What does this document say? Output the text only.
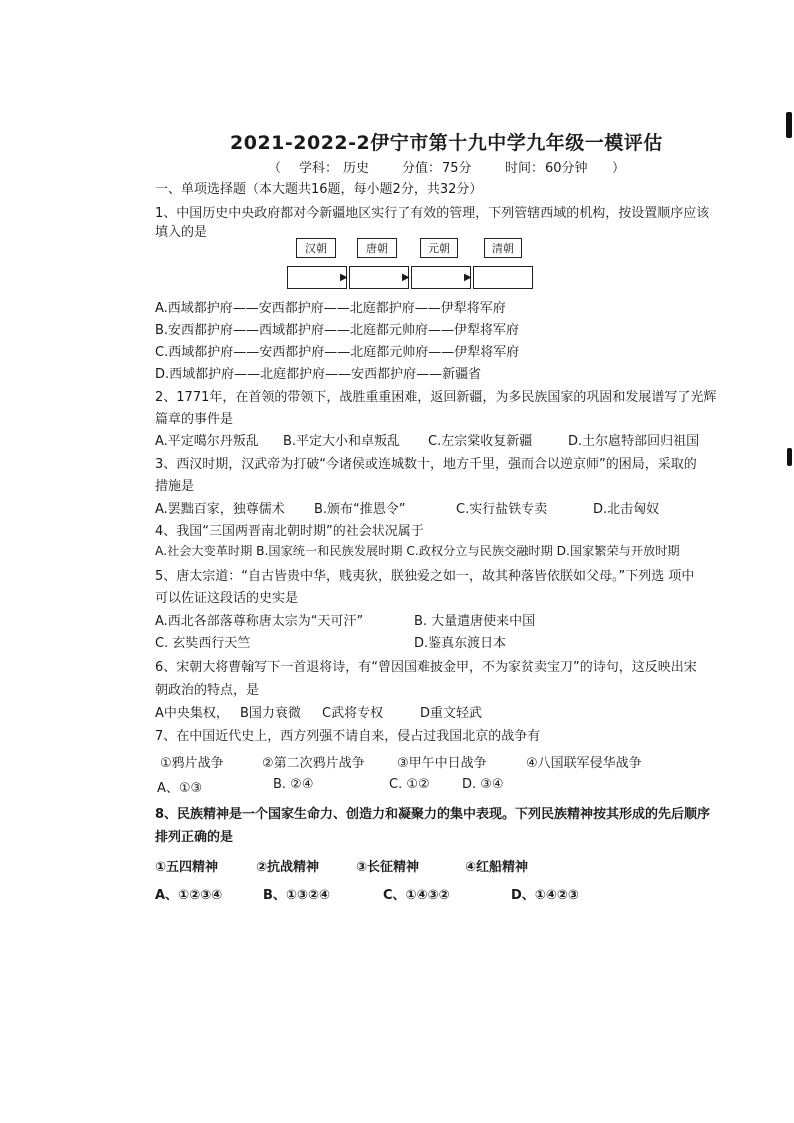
2021-2022-2伊宁市第十九中学九年级一模评估
（ 学科： 历史	分值： 75分	时间： 60分钟 ）
一、单项选择题（本大题共16题，每小题2分，共32分）
1、中国历史中央政府都对今新疆地区实行了有效的管理，下列管辖西域的机构，按设置顺序应该
填入的是
汉朝	唐朝	元朝	清朝
▶	▶	▶
A.西域都护府——安西都护府——北庭都护府——伊犁将军府
B.安西都护府——西域都护府——北庭都元帅府——伊犁将军府
C.西域都护府——安西都护府——北庭都元帅府——伊犁将军府
D.西域都护府——北庭都护府——安西都护府——新疆省
2、1771年，在首领的带领下，战胜重重困难，返回新疆，为多民族国家的巩固和发展谱写了光辉
篇章的事件是
A.平定噶尔丹叛乱 B.平定大小和卓叛乱 C.左宗棠收复新疆	D.土尔扈特部回归祖国
3、西汉时期，汉武帝为打破“今诸侯或连城数十，地方千里，强而合以逆京师”的困局，采取的
措施是
A.罢黜百家，独尊儒术 B.颁布“推恩令”	C.实行盐铁专卖	D.北击匈奴
4、我国“三国两晋南北朝时期”的社会状况属于
A.社会大变革时期 B.国家统一和民族发展时期 C.政权分立与民族交融时期 D.国家繁荣与开放时期
5、唐太宗道：“自古皆贵中华，贱夷狄，朕独爱之如一，故其种落皆依朕如父母。”下列选 项中
可以佐证这段话的史实是
A.西北各部落尊称唐太宗为“天可汗”	B. 大量遣唐使来中国
C. 玄奘西行天竺	D.鉴真东渡日本
6、宋朝大将曹翰写下一首退将诗，有“曾因国难披金甲，不为家贫卖宝刀”的诗句，这反映出宋
朝政治的特点，是
A中央集权， B国力衰微 C武将专权	D重文轻武
7、在中国近代史上，西方列强不请自来，侵占过我国北京的战争有
①鸦片战争	②第二次鸦片战争 ③甲午中日战争	④八国联军侵华战争
A、①③	B. ②④	C. ①② D. ③④
8、民族精神是一个国家生命力、创造力和凝聚力的集中表现。下列民族精神按其形成的先后顺序
排列正确的是
①五四精神	②抗战精神	③长征精神	④红船精神
A、①②③④	B、①③②④	C、①④③②	D、①④②③
